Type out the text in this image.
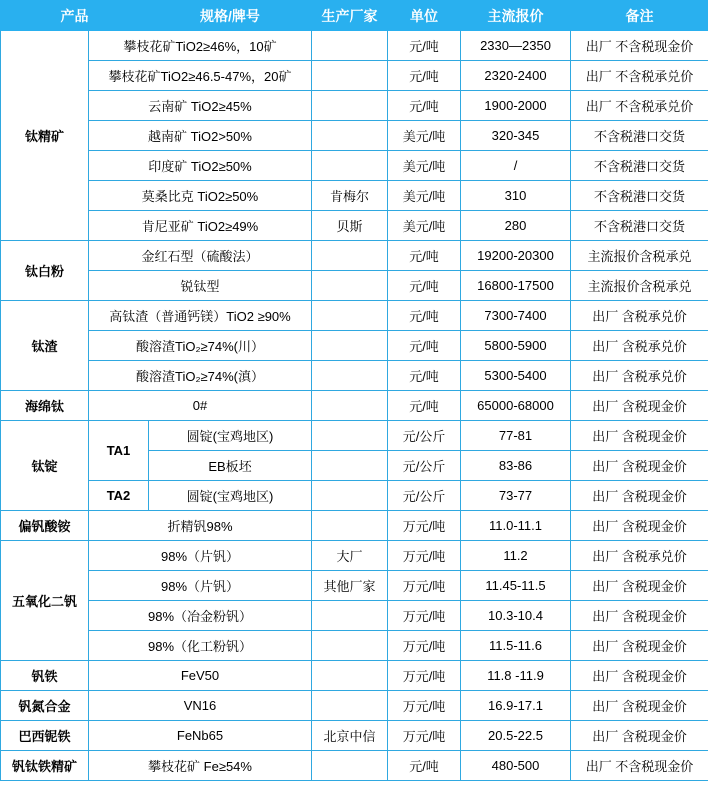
产品		规格/牌号	生产厂家	单位	主流报价	备注
钛精矿	攀枝花矿TiO2≥46%，10矿			元/吨	2330—2350	出厂 不含税现金价
	攀枝花矿TiO2≥46.5-47%，20矿			元/吨	2320-2400	出厂 不含税承兑价
	云南矿 TiO2≥45%			元/吨	1900-2000	出厂 不含税承兑价
	越南矿 TiO2>50%			美元/吨	320-345	不含税港口交货
	印度矿 TiO2≥50%			美元/吨	/	不含税港口交货
	莫桑比克 TiO2≥50%		肯梅尔	美元/吨	310	不含税港口交货
	肯尼亚矿 TiO2≥49%		贝斯	美元/吨	280	不含税港口交货
钛白粉	金红石型（硫酸法）			元/吨	19200-20300	主流报价含税承兑
	锐钛型			元/吨	16800-17500	主流报价含税承兑
钛渣	高钛渣（普通钙镁）TiO2 ≥90%			元/吨	7300-7400	出厂 含税承兑价
	酸溶渣TiO₂≥74%(川）			元/吨	5800-5900	出厂 含税承兑价
	酸溶渣TiO₂≥74%(滇）			元/吨	5300-5400	出厂 含税承兑价
海绵钛	0#			元/吨	65000-68000	出厂 含税现金价
钛锭	TA1	圆锭(宝鸡地区)		元/公斤	77-81	出厂 含税现金价
		EB板坯		元/公斤	83-86	出厂 含税现金价
	TA2	圆锭(宝鸡地区)		元/公斤	73-77	出厂 含税现金价
偏钒酸铵	折精钒98%			万元/吨	11.0-11.1	出厂 含税现金价
五氧化二钒	98%（片钒）		大厂	万元/吨	11.2	出厂 含税承兑价
	98%（片钒）		其他厂家	万元/吨	11.45-11.5	出厂 含税现金价
	98%（冶金粉钒）			万元/吨	10.3-10.4	出厂 含税现金价
	98%（化工粉钒）			万元/吨	11.5-11.6	出厂 含税现金价
钒铁	FeV50			万元/吨	11.8 -11.9	出厂 含税现金价
钒氮合金	VN16			万元/吨	16.9-17.1	出厂 含税现金价
巴西铌铁	FeNb65		北京中信	万元/吨	20.5-22.5	出厂 含税现金价
钒钛铁精矿	攀枝花矿 Fe≥54%			元/吨	480-500	出厂 不含税现金价
